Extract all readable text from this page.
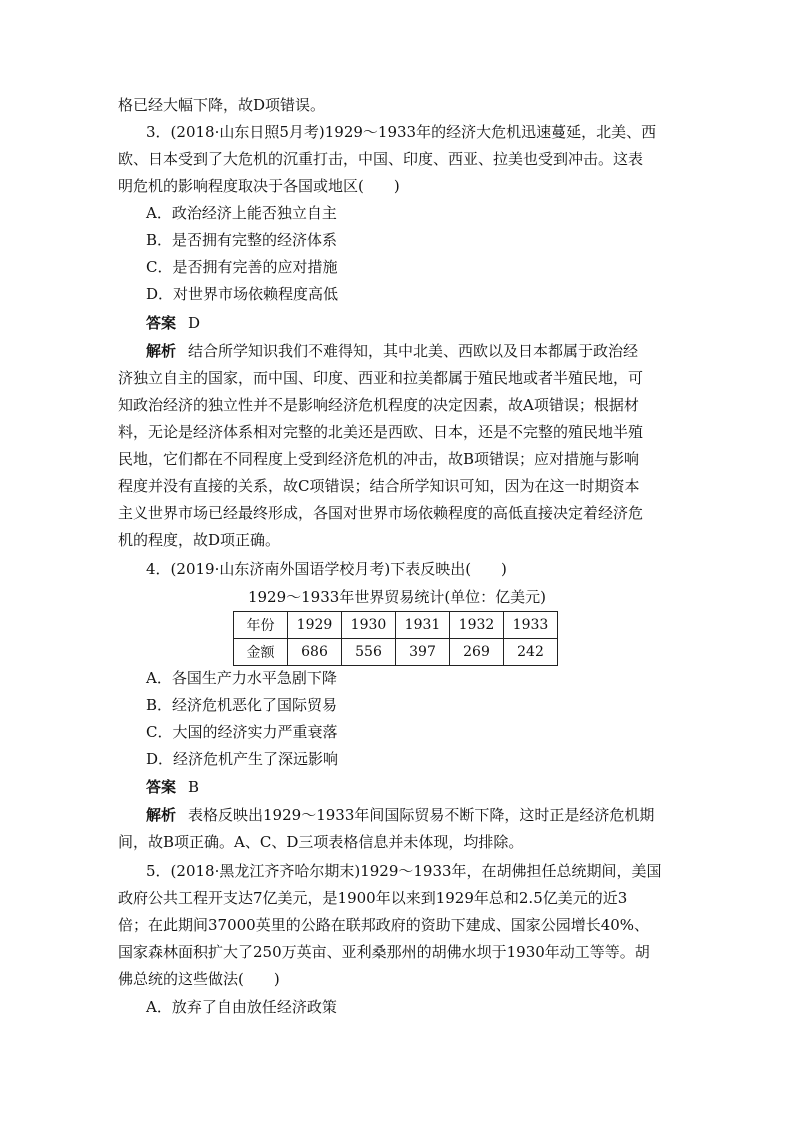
格已经大幅下降，故D项错误。
3．(2018·山东日照5月考)1929～1933年的经济大危机迅速蔓延，北美、西
欧、日本受到了大危机的沉重打击，中国、印度、西亚、拉美也受到冲击。这表
明危机的影响程度取决于各国或地区(　　)
A．政治经济上能否独立自主
B．是否拥有完整的经济体系
C．是否拥有完善的应对措施
D．对世界市场依赖程度高低
答案 D
解析 结合所学知识我们不难得知，其中北美、西欧以及日本都属于政治经
济独立自主的国家，而中国、印度、西亚和拉美都属于殖民地或者半殖民地，可
知政治经济的独立性并不是影响经济危机程度的决定因素，故A项错误；根据材
料，无论是经济体系相对完整的北美还是西欧、日本，还是不完整的殖民地半殖
民地，它们都在不同程度上受到经济危机的冲击，故B项错误；应对措施与影响
程度并没有直接的关系，故C项错误；结合所学知识可知，因为在这一时期资本
主义世界市场已经最终形成，各国对世界市场依赖程度的高低直接决定着经济危
机的程度，故D项正确。
4．(2019·山东济南外国语学校月考)下表反映出(　　)
1929～1933年世界贸易统计(单位：亿美元)
年份	1929	1930	1931	1932	1933
金额	686	556	397	269	242
A．各国生产力水平急剧下降
B．经济危机恶化了国际贸易
C．大国的经济实力严重衰落
D．经济危机产生了深远影响
答案 B
解析 表格反映出1929～1933年间国际贸易不断下降，这时正是经济危机期
间，故B项正确。A、C、D三项表格信息并未体现，均排除。
5．(2018·黑龙江齐齐哈尔期末)1929～1933年，在胡佛担任总统期间，美国
政府公共工程开支达7亿美元，是1900年以来到1929年总和2.5亿美元的近3
倍；在此期间37000英里的公路在联邦政府的资助下建成、国家公园增长40%、
国家森林面积扩大了250万英亩、亚利桑那州的胡佛水坝于1930年动工等等。胡
佛总统的这些做法(　　)
A．放弃了自由放任经济政策
